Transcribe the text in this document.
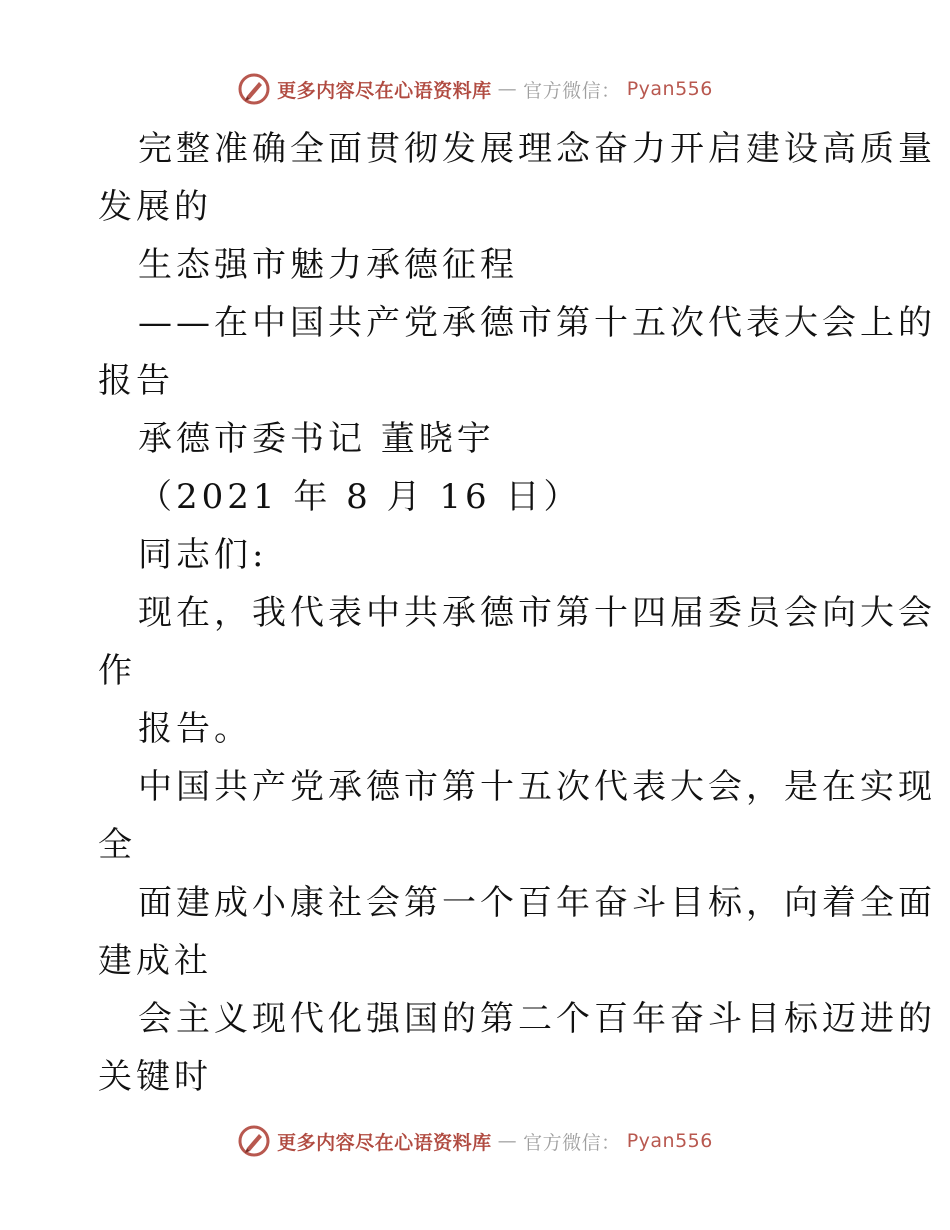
更多内容尽在心语资料库 — 官方微信： Pyan556
完整准确全面贯彻发展理念奋力开启建设高质量
发展的
生态强市魅力承德征程
——在中国共产党承德市第十五次代表大会上的
报告
承德市委书记 董晓宇
（2021 年 8 月 16 日）
同志们:
现在，我代表中共承德市第十四届委员会向大会
作
报告。
中国共产党承德市第十五次代表大会，是在实现
全
面建成小康社会第一个百年奋斗目标，向着全面
建成社
会主义现代化强国的第二个百年奋斗目标迈进的
关键时
更多内容尽在心语资料库 — 官方微信： Pyan556
